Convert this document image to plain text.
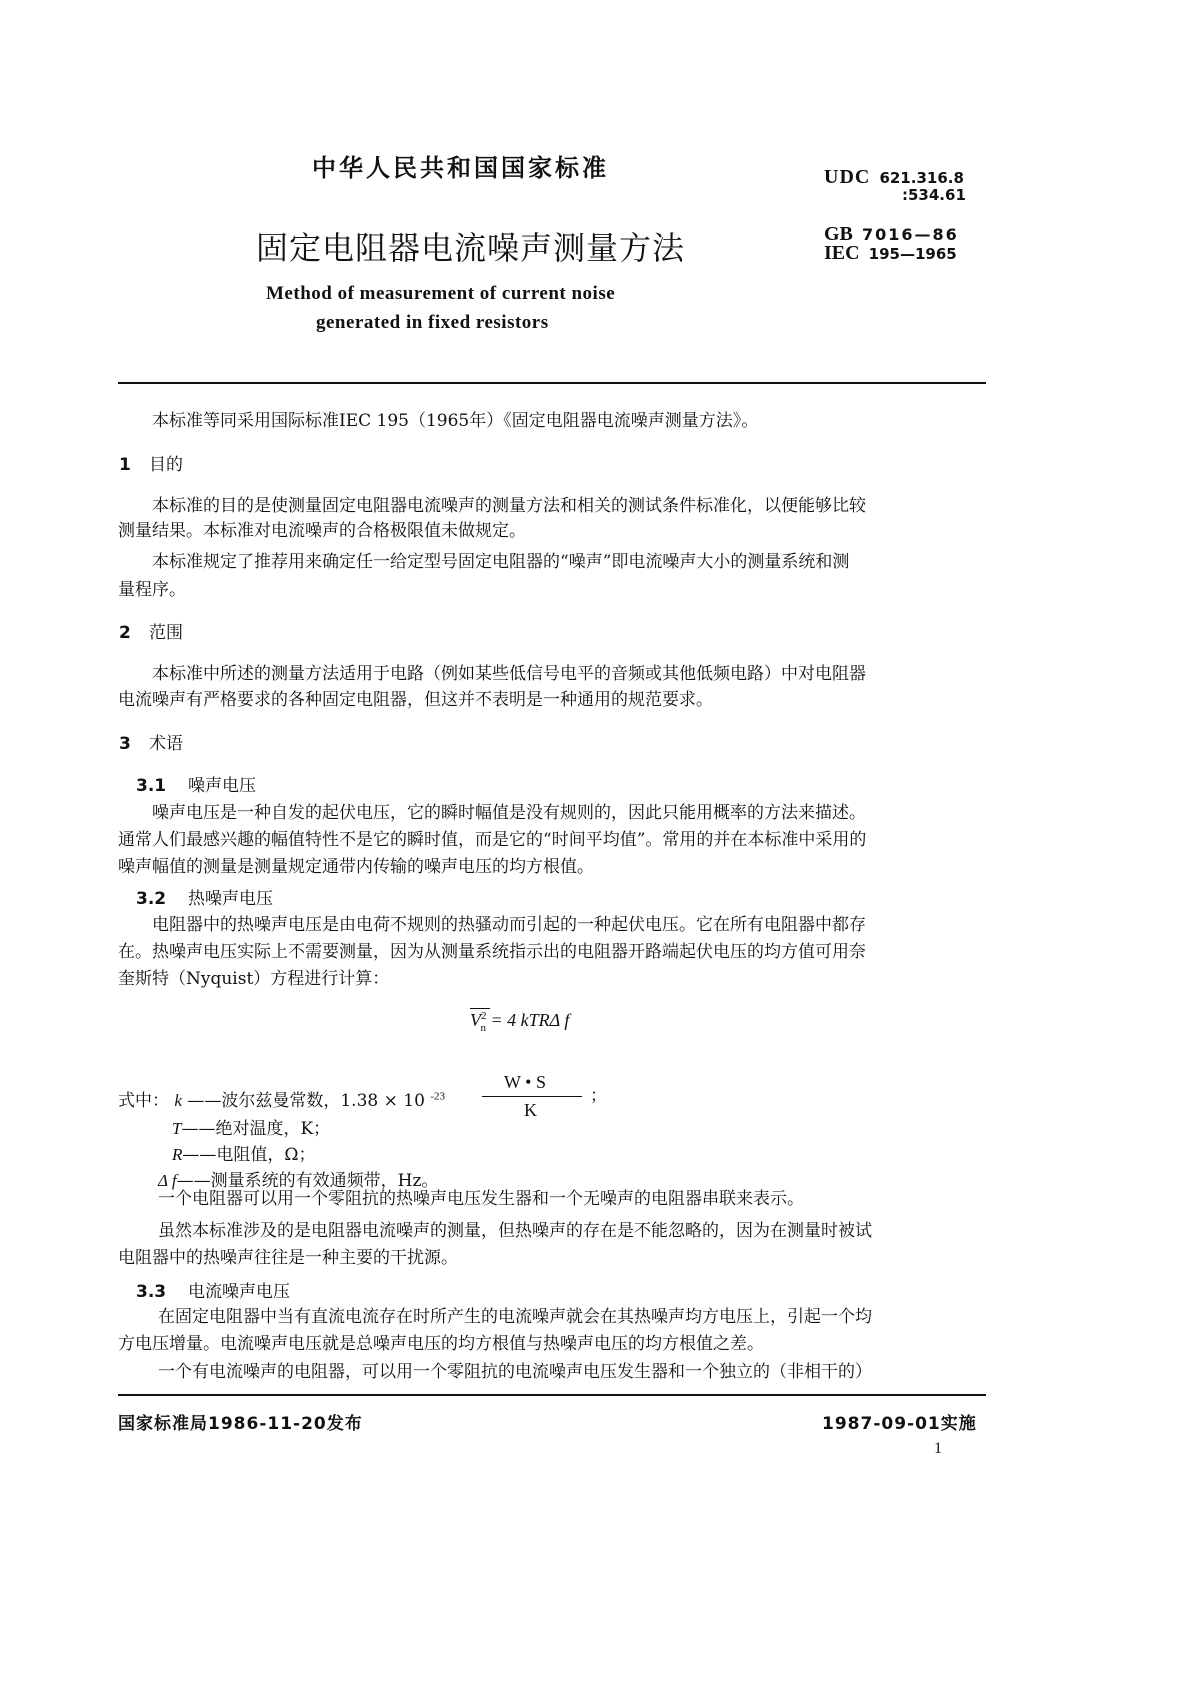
中华人民共和国国家标准
固定电阻器电流噪声测量方法
Method of measurement of current noise
generated in fixed resistors
UDC 621.316.8
:534.61
GB 7016—86
IEC 195—1965
本标准等同采用国际标准IEC 195（1965年）《固定电阻器电流噪声测量方法》。
1 目的
本标准的目的是使测量固定电阻器电流噪声的测量方法和相关的测试条件标准化，以便能够比较
测量结果。本标准对电流噪声的合格极限值未做规定。
本标准规定了推荐用来确定任一给定型号固定电阻器的“噪声”即电流噪声大小的测量系统和测
量程序。
2 范围
本标准中所述的测量方法适用于电路（例如某些低信号电平的音频或其他低频电路）中对电阻器
电流噪声有严格要求的各种固定电阻器，但这并不表明是一种通用的规范要求。
3 术语
3.1 噪声电压
噪声电压是一种自发的起伏电压，它的瞬时幅值是没有规则的，因此只能用概率的方法来描述。
通常人们最感兴趣的幅值特性不是它的瞬时值，而是它的“时间平均值”。常用的并在本标准中采用的
噪声幅值的测量是测量规定通带内传输的噪声电压的均方根值。
3.2 热噪声电压
电阻器中的热噪声电压是由电荷不规则的热骚动而引起的一种起伏电压。它在所有电阻器中都存
在。热噪声电压实际上不需要测量，因为从测量系统指示出的电阻器开路端起伏电压的均方值可用奈
奎斯特（Nyquist）方程进行计算：
$V^2_n = 4$ kTRΔ f
式中： k ——波尔兹曼常数，1.38 × 10 $^{-23}$
W • S
K
；
T——绝对温度，K；
R——电阻值，Ω；
Δ f——测量系统的有效通频带，Hz。
一个电阻器可以用一个零阻抗的热噪声电压发生器和一个无噪声的电阻器串联来表示。
虽然本标准涉及的是电阻器电流噪声的测量，但热噪声的存在是不能忽略的，因为在测量时被试
电阻器中的热噪声往往是一种主要的干扰源。
3.3 电流噪声电压
在固定电阻器中当有直流电流存在时所产生的电流噪声就会在其热噪声均方电压上，引起一个均
方电压增量。电流噪声电压就是总噪声电压的均方根值与热噪声电压的均方根值之差。
一个有电流噪声的电阻器，可以用一个零阻抗的电流噪声电压发生器和一个独立的（非相干的）
国家标准局1986-11-20发布	1987-09-01实施
1
